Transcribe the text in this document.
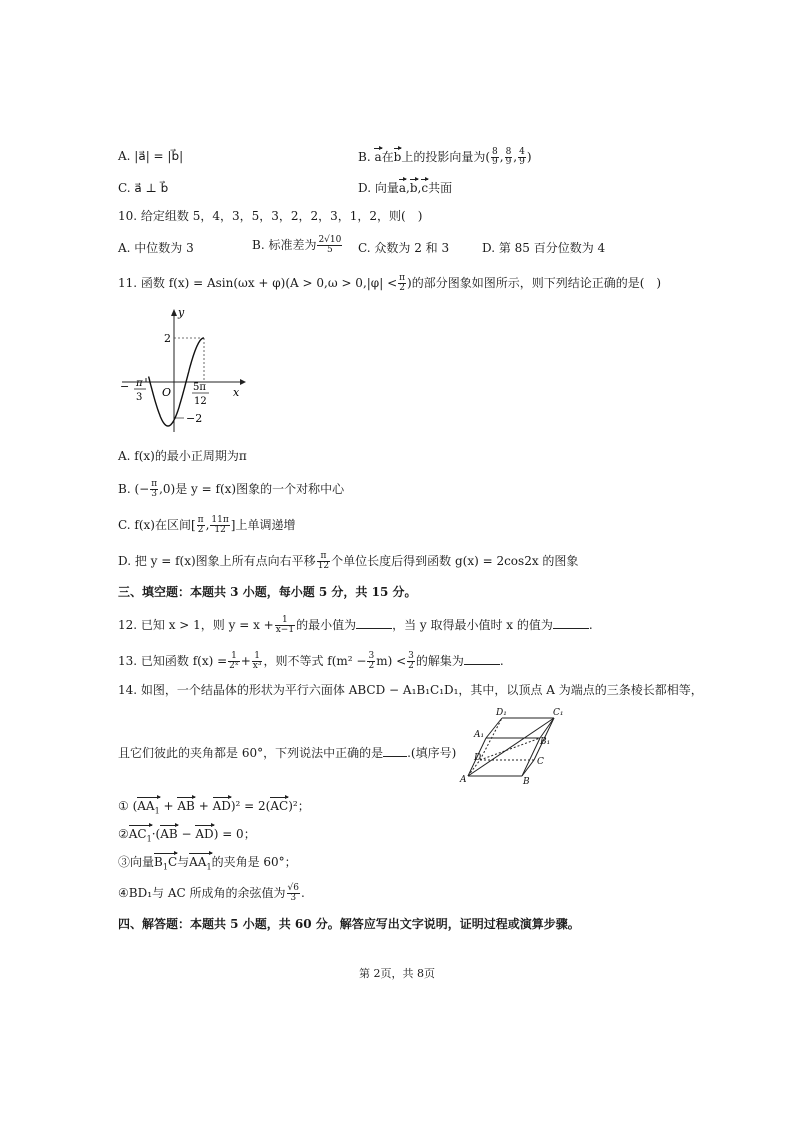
A. |a⃗| = |b⃗|	B. a在b上的投影向量为( $\frac{8}{9}$ , $\frac{8}{9}$ , $\frac{4}{9}$ )
C. a⃗ ⊥ b⃗	D. 向量a,b,c共面
10. 给定组数 5，4，3，5，3，2，2，3，1，2，则(　)
A. 中位数为 3	B. 标准差为 $\frac{2√10}{5} C$. 众数为 2 和 3	D. 第 85 百分位数为 4
11. 函数 $f(x) = Asin(\omega x + \varphi)(A > 0,\omega > 0,|\varphi| < \frac{\pi}{2}$ )的部分图象如图所示，则下列结论正确的是(　)
y
x
O
2
−2
− π
3
5π
12
A. f(x)的最小正周期为π
B. (− $\frac{\pi}{3} ,0$)是 y = f(x)图象的一个对称中心
C. f(x)在区间[ $\frac{\pi}{2}$ , $\frac{11\pi}{12}$ ]上单调递增
D. 把 y = f(x)图象上所有点向右平移 $\frac{\pi}{12}$ 个单位长度后得到函数 g(x) = 2cos2x 的图象
三、填空题：本题共 3 小题，每小题 5 分，共 15 分。
12. 已知 x > 1，则 $y = x + \frac{1}{x-1}$ 的最小值为	，当 y 取得最小值时 x 的值为	.
13. 已知函数 $f(x) = \frac{1}{\text{2ˣ}} + \frac{1}{\text{x³}}$ ，则不等式 $f(m^2 - \frac{3}{2} m) < \frac{3}{2}$ 的解集为	.
14. 如图，一个结晶体的形状为平行六面体 ABCD − A₁B₁C₁D₁，其中，以顶点 A 为端点的三条棱长都相等，
且它们彼此的夹角都是 60°，下列说法中正确的是 .(填序号)
D₁	C₁
A₁
B₁
D	C
A	B
① ($AA_1$ + AB + AD)² = 2(AC)²；
$②AC_1\cdot(AB - AD) = 0$；
③向量$B_1C$与$AA_1$的夹角是 60°；
④BD₁与 AC 所成角的余弦值为 $\frac{√6}{3}$ .
四、解答题：本题共 5 小题，共 60 分。解答应写出文字说明，证明过程或演算步骤。
第 2页，共 8页
